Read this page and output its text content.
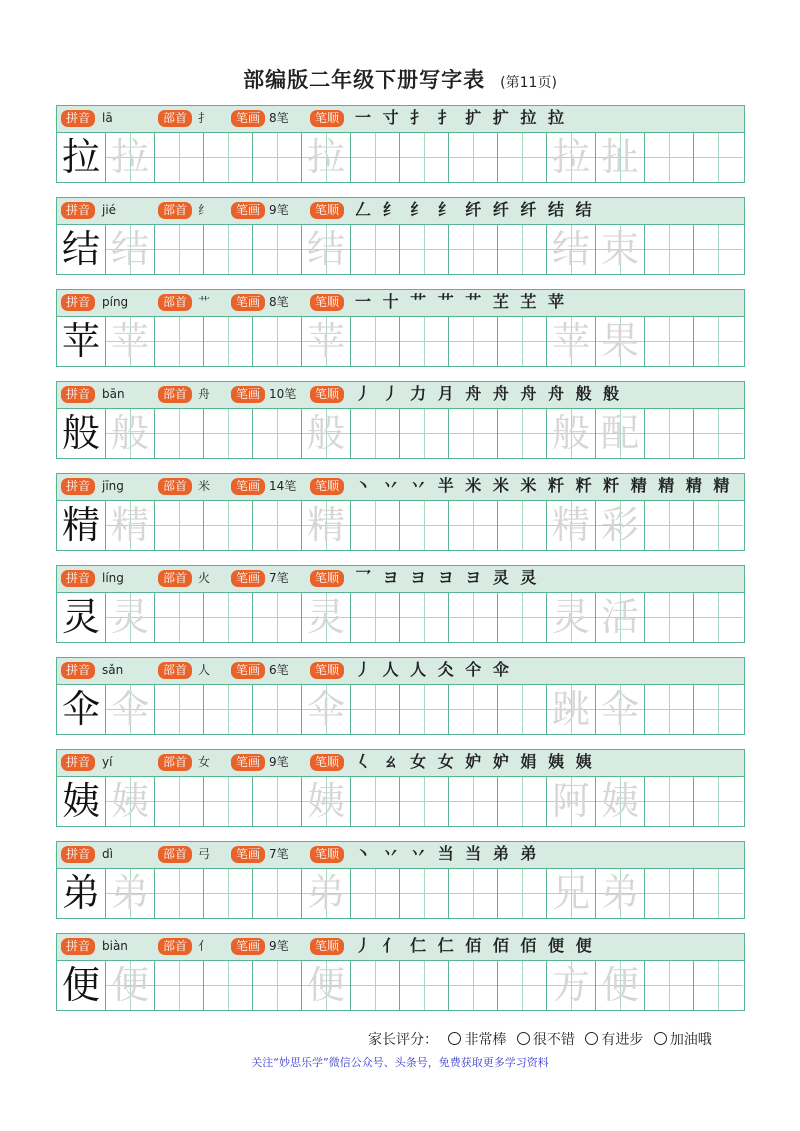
部编版二年级下册写字表 (第11页)
拼音 lā	部首 扌	笔画 8笔	笔顺 一 寸 扌 扌 扩 扩 拉 拉
拉 拉	拉	拉 扯
拼音 jié	部首 纟	笔画 9笔	笔顺 𠃋 纟 纟 纟 纤 纤 纤 结 结
结 结	结	结 束
拼音 píng	部首 艹	笔画 8笔	笔顺 一 十 艹 艹 艹 芏 芏 苹
苹 苹	苹	苹 果
拼音 bān	部首 舟	笔画 10笔	笔顺 丿 丿 力 月 舟 舟 舟 舟 般 般
般 般	般	般 配
拼音 jīng	部首 米	笔画 14笔	笔顺 丶 丷 丷 半 米 米 米 粁 粁 粁 精 精 精 精
精 精	精	精 彩
拼音 líng	部首 火	笔画 7笔	笔顺 乛 ヨ ヨ ヨ ヨ 灵 灵
灵 灵	灵	灵 活
拼音 sǎn	部首 人	笔画 6笔	笔顺 丿 人 人 仌 仐 伞
伞 伞	伞	跳 伞
拼音 yí	部首 女	笔画 9笔	笔顺 𡿨 ㄠ 女 女 妒 妒 娟 姨 姨
姨 姨	姨	阿 姨
拼音 dì	部首 弓	笔画 7笔	笔顺 丶 丷 丷 当 当 弟 弟
弟 弟	弟	兄 弟
拼音 biàn	部首 亻	笔画 9笔	笔顺 丿 亻 仁 仁 佰 佰 佰 便 便
便 便	便	方 便
家长评分： 非常棒 很不错 有进步 加油哦
关注“妙思乐学”微信公众号、头条号，免费获取更多学习资料
